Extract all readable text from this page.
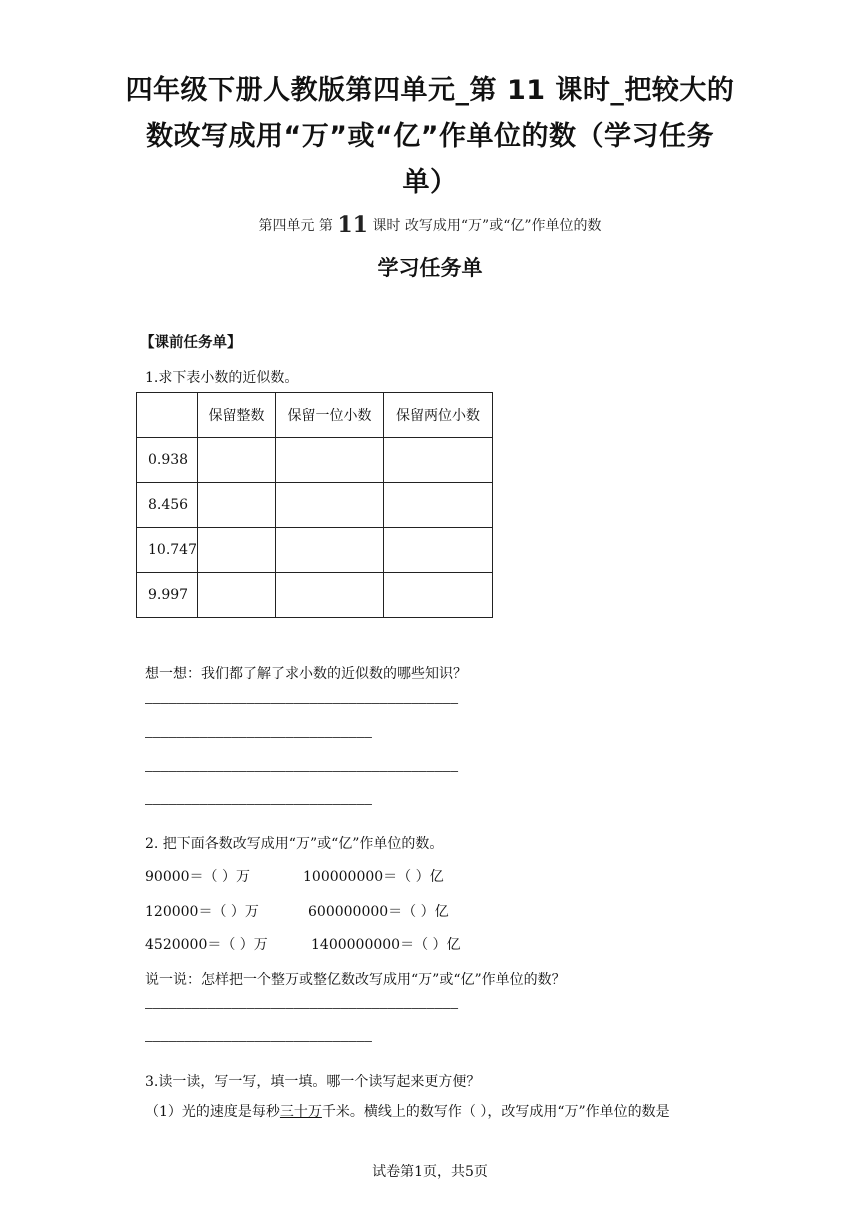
四年级下册人教版第四单元_第 11 课时_把较大的
数改写成用“万”或“亿”作单位的数（学习任务
单）
第四单元 第 11 课时 改写成用“万”或“亿”作单位的数
学习任务单
【课前任务单】
1.求下表小数的近似数。
	保留整数	保留一位小数	保留两位小数
0.938			
8.456			
10.747			
9.997			
想一想：我们都了解了求小数的近似数的哪些知识？
————————————————————————————————————————
—————————————————————————————
————————————————————————————————————————
—————————————————————————————
2. 把下面各数改写成用“万”或“亿”作单位的数。
90000＝（ ）万	100000000＝（ ）亿
120000＝（ ）万	600000000＝（ ）亿
4520000＝（ ）万	1400000000＝（ ）亿
说一说：怎样把一个整万或整亿数改写成用“万”或“亿”作单位的数？
————————————————————————————————————————
—————————————————————————————
3.读一读，写一写，填一填。哪一个读写起来更方便？
（1）光的速度是每秒三十万千米。横线上的数写作（ ），改写成用“万”作单位的数是
试卷第1页，共5页
